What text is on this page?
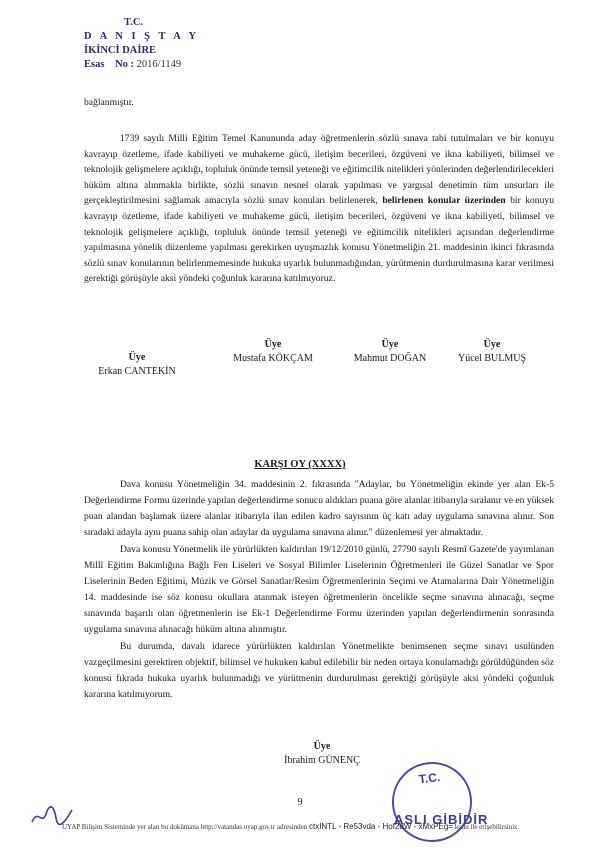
T.C.
D A N I Ş T A Y
İKİNCİ DAİRE
Esas No : 2016/1149

bağlanmıştır.

1739 sayılı Milli Eğitim Temel Kanununda aday öğretmenlerin sözlü sınava tabi tutulmaları ve bir konuyu kavrayıp özetleme, ifade kabiliyeti ve muhakeme gücü, iletişim becerileri, özgüveni ve ikna kabiliyeti, bilimsel ve teknolojik gelişmelere açıklığı, topluluk önünde temsil yeteneği ve eğitimcilik nitelikleri yönlerinden değerlendirilecekleri hüküm altına alınmakla birlikte, sözlü sınavın nesnel olarak yapılması ve yargısal denetimin tüm unsurları ile gerçekleştirilmesini sağlamak amacıyla sözlü sınav konuları belirlenerek, belirlenen konular üzerinden bir konuyu kavrayıp özetleme, ifade kabiliyeti ve muhakeme gücü, iletişim becerileri, özgüveni ve ikna kabiliyeti, bilimsel ve teknolojik gelişmelere açıklığı, topluluk önünde temsil yeteneği ve eğitimcilik nitelikleri açısından değerlendirme yapılmasına yönelik düzenleme yapılması gerekirken uyuşmazlık konusu Yönetmeliğin 21. maddesinin ikinci fıkrasında sözlü sınav konularının belirlenmemesinde hukuka uyarlık bulunmadığından, yürütmenin durdurulmasına karar verilmesi gerektiği görüşüyle aksi yöndeki çoğunluk kararına katılmıyoruz.

Üye
Erkan CANTEKİN
Üye
Mustafa KÖKÇAM
Üye
Mahmut DOĞAN
Üye
Yücel BULMUŞ
KARŞI OY (XXXX)

Dava konusu Yönetmeliğin 34. maddesinin 2. fıkrasında "Adaylar, bu Yönetmeliğin ekinde yer alan Ek-5 Değerlendirme Formu üzerinde yapılan değerlendirme sonucu aldıkları puana göre alanlar itibarıyla sıralanır ve en yüksek puan alandan başlamak üzere alanlar itibarıyla ilan edilen kadro sayısının üç katı aday uygulama sınavına alınır. Son sıradaki adayla aynı puana sahip olan adaylar da uygulama sınavına alınır." düzenlemesi yer almaktadır.

Dava konusu Yönetmelik ile yürürlükten kaldırılan 19/12/2010 günlü, 27790 sayılı Resmî Gazete'de yayımlanan Millî Eğitim Bakanlığına Bağlı Fen Liseleri ve Sosyal Bilimler Liselerinin Öğretmenleri ile Güzel Sanatlar ve Spor Liselerinin Beden Eğitimi, Müzik ve Görsel Sanatlar/Resim Öğretmenlerinin Seçimi ve Atamalarına Dair Yönetmeliğin 14. maddesinde ise söz konusu okullara atanmak isteyen öğretmenlerin öncelikle seçme sınavına alınacağı, seçme sınavında başarılı olan öğretmenlerin ise Ek-1 Değerlendirme Formu üzerinden yapılan değerlendirmenin sonrasında uygulama sınavına alınacağı hüküm altına alınmıştır.

Bu durumda, davalı idarece yürürlükten kaldırılan Yönetmelikte benimsenen seçme sınavı usulünden vazgeçilmesini gerektiren objektif, bilimsel ve hukuken kabul edilebilir bir neden ortaya konulamadığı görüldüğünden söz konusu fıkrada hukuka uyarlık bulunmadığı ve yürütmenin durdurulması gerektiği görüşüyle aksi yöndeki çoğunluk kararına katılmıyorum.

Üye
İbrahim GÜNENÇ
T.C.
9
ASLI GİBİDİR
UYAP Bilişim Sisteminde yer alan bu dokümana http://vatandas.uyap.gov.tr adresinden ctxINTL - Re53vda - Hof2dW - xMxPEg= kodu ile erişebilirsiniz.
